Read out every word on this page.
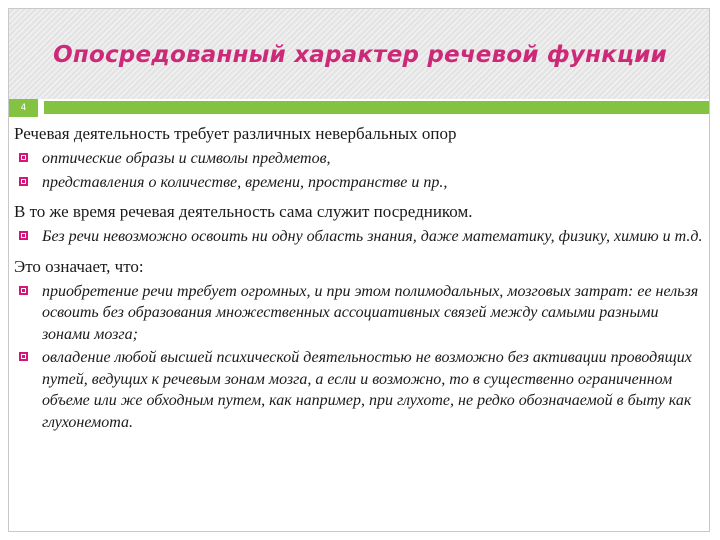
Опосредованный характер речевой функции
4

Речевая деятельность требует различных невербальных опор

оптические образы и символы предметов,
представления о количестве, времени, пространстве и пр.,

В то же время речевая деятельность сама служит посредником.

Без речи невозможно освоить ни одну область знания, даже математику, физику, химию и т.д.

Это означает, что:

приобретение речи требует огромных, и при этом полимодальных, мозговых затрат: ее нельзя освоить без образования множественных ассоциативных связей между самыми разными зонами мозга;
овладение любой высшей психической деятельностью не возможно без активации проводящих путей, ведущих к речевым зонам мозга, а если и возможно, то в существенно ограниченном объеме или же обходным путем, как например, при глухоте, не редко обозначаемой в быту как глухонемота.
